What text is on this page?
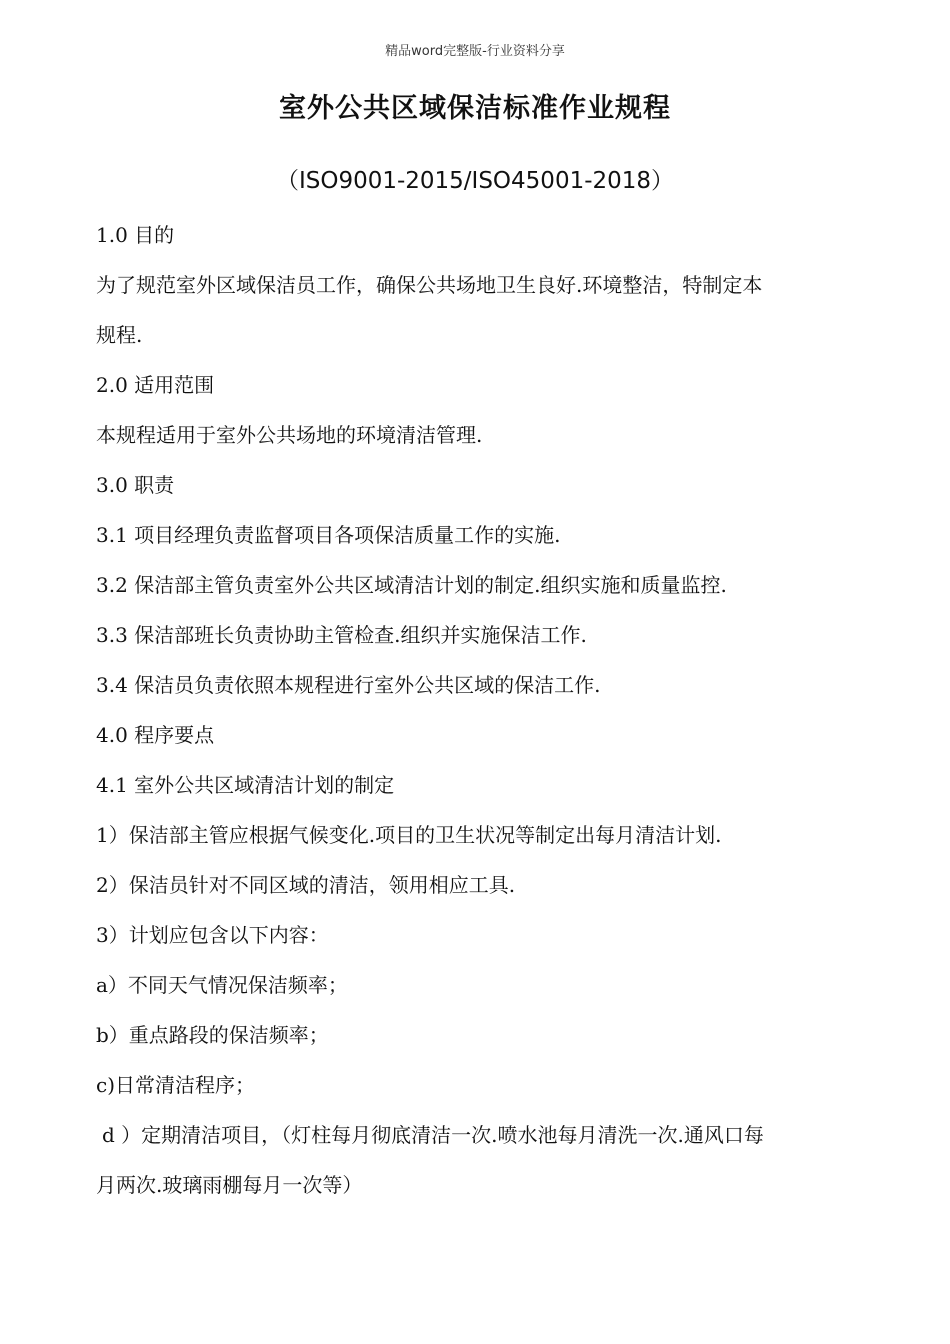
精品word完整版-行业资料分享
室外公共区域保洁标准作业规程
（ISO9001-2015/ISO45001-2018）
1.0 目的
为了规范室外区域保洁员工作，确保公共场地卫生良好.环境整洁，特制定本
规程.
2.0 适用范围
本规程适用于室外公共场地的环境清洁管理.
3.0 职责
3.1 项目经理负责监督项目各项保洁质量工作的实施.
3.2 保洁部主管负责室外公共区域清洁计划的制定.组织实施和质量监控.
3.3 保洁部班长负责协助主管检查.组织并实施保洁工作.
3.4 保洁员负责依照本规程进行室外公共区域的保洁工作.
4.0 程序要点
4.1 室外公共区域清洁计划的制定
1）保洁部主管应根据气候变化.项目的卫生状况等制定出每月清洁计划.
2）保洁员针对不同区域的清洁，领用相应工具.
3）计划应包含以下内容：
a）不同天气情况保洁频率；
b）重点路段的保洁频率；
c)日常清洁程序；
d ）定期清洁项目，（灯柱每月彻底清洁一次.喷水池每月清洗一次.通风口每
月两次.玻璃雨棚每月一次等）
